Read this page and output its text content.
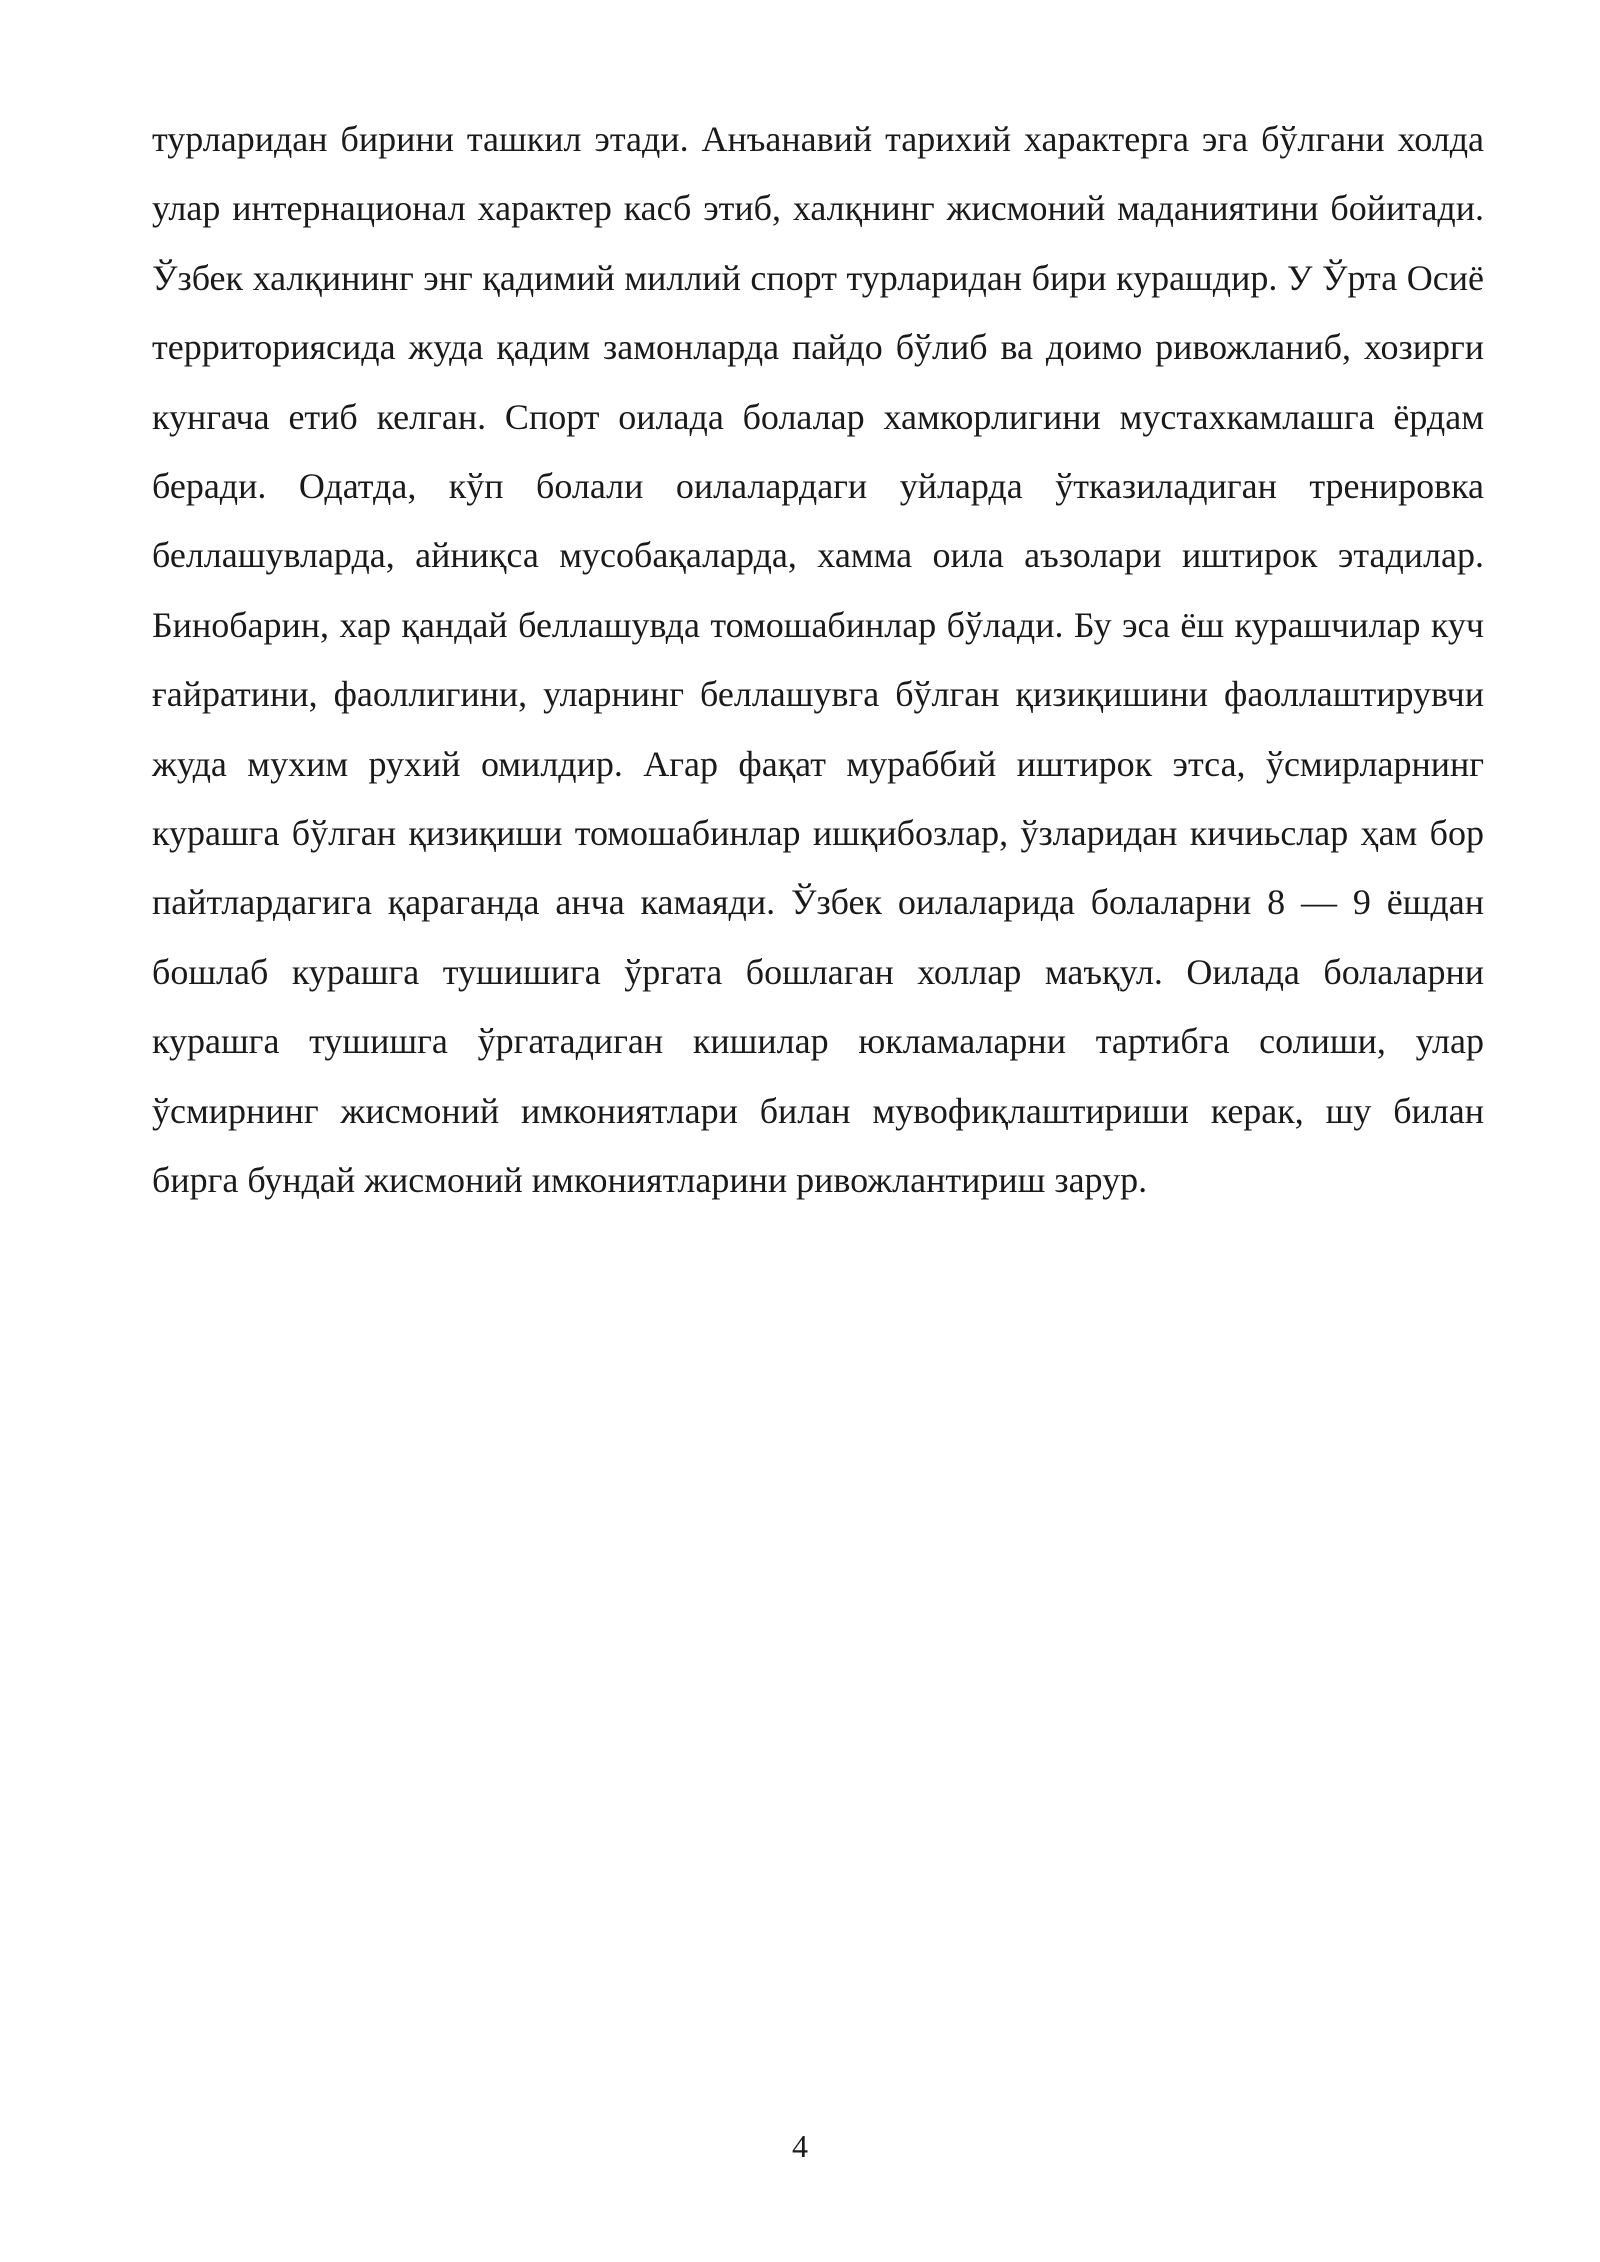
турларидан бирини ташкил этади. Анъанавий тарихий характерга эга бўлгани холда улар интернационал характер касб этиб, халқнинг жисмоний маданиятини бойитади. Ўзбек халқининг энг қадимий миллий спорт турларидан бири курашдир. У Ўрта Осиё территориясида жуда қадим замонларда пайдо бўлиб ва доимо ривожланиб, хозирги кунгача етиб келган. Спорт оилада болалар хамкорлигини мустахкамлашга ёрдам беради. Одатда, кўп болали оилалардаги уйларда ўтказиладиган тренировка беллашувларда, айниқса мусобақаларда, хамма оила аъзолари иштирок этадилар. Бинобарин, хар қандай беллашувда томошабинлар бўлади. Бу эса ёш курашчилар куч ғайратини, фаоллигини, уларнинг беллашувга бўлган қизиқишини фаоллаштирувчи жуда мухим рухий омилдир. Агар фақат мураббий иштирок этса, ўсмирларнинг курашга бўлган қизиқиши томошабинлар ишқибозлар, ўзларидан кичиьслар ҳам бор пайтлардагига қараганда анча камаяди. Ўзбек оилаларида болаларни 8 — 9 ёшдан бошлаб курашга тушишига ўргата бошлаган холлар маъқул. Оилада болаларни курашга тушишга ўргатадиган кишилар юкламаларни тартибга солиши, улар ўсмирнинг жисмоний имкониятлари билан мувофиқлаштириши керак, шу билан бирга бундай жисмоний имкониятларини ривожлантириш зарур.

4
